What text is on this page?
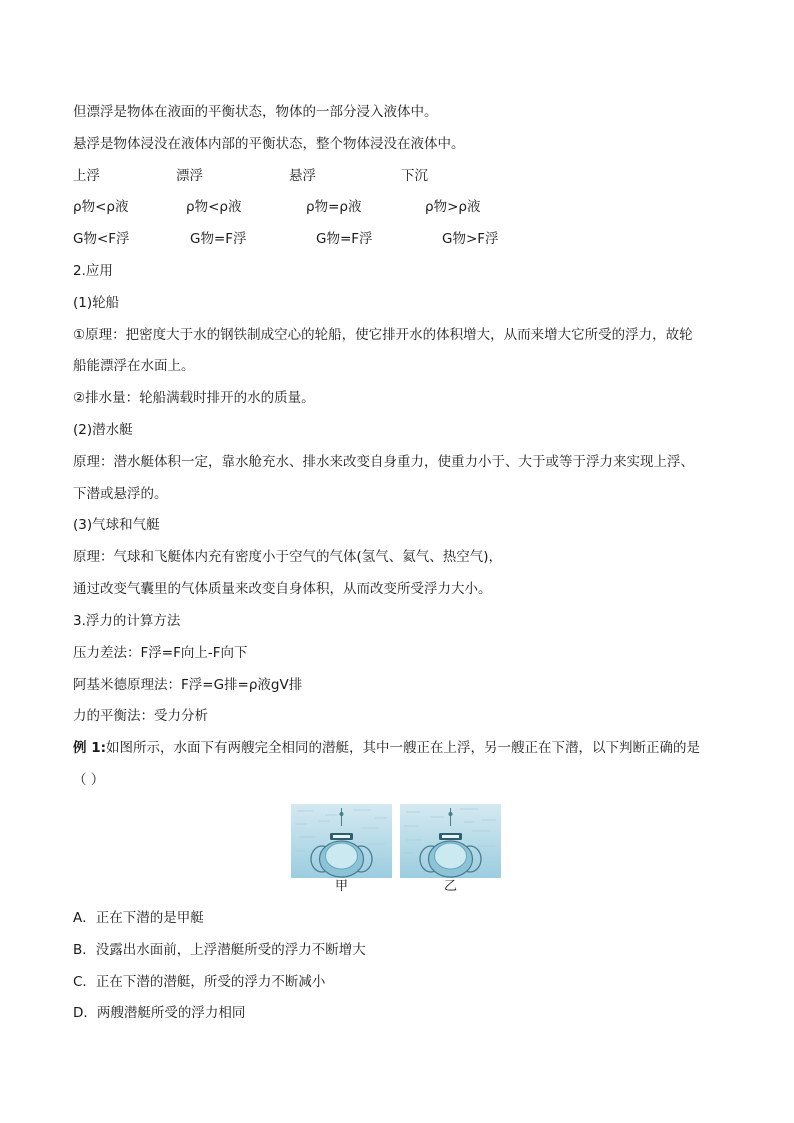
但漂浮是物体在液面的平衡状态，物体的一部分浸入液体中。
悬浮是物体浸没在液体内部的平衡状态，整个物体浸没在液体中。
上浮	漂浮	悬浮	下沉
ρ物<ρ液	ρ物<ρ液	ρ物=ρ液	ρ物>ρ液
G物<F浮	G物=F浮	G物=F浮	G物>F浮
2.应用
(1)轮船
①原理：把密度大于水的钢铁制成空心的轮船，使它排开水的体积增大，从而来增大它所受的浮力，故轮
船能漂浮在水面上。
②排水量：轮船满载时排开的水的质量。
(2)潜水艇
原理：潜水艇体积一定，靠水舱充水、排水来改变自身重力，使重力小于、大于或等于浮力来实现上浮、
下潜或悬浮的。
(3)气球和气艇
原理：气球和飞艇体内充有密度小于空气的气体(氢气、氦气、热空气)，
通过改变气囊里的气体质量来改变自身体积，从而改变所受浮力大小。
3.浮力的计算方法
压力差法：F浮=F向上-F向下
阿基米德原理法：F浮=G排=ρ液gV排
力的平衡法：受力分析
例 1:如图所示，水面下有两艘完全相同的潜艇，其中一艘正在上浮，另一艘正在下潜，以下判断正确的是
（ ）
甲	乙
A．正在下潜的是甲艇
B．没露出水面前，上浮潜艇所受的浮力不断增大
C．正在下潜的潜艇，所受的浮力不断减小
D．两艘潜艇所受的浮力相同
